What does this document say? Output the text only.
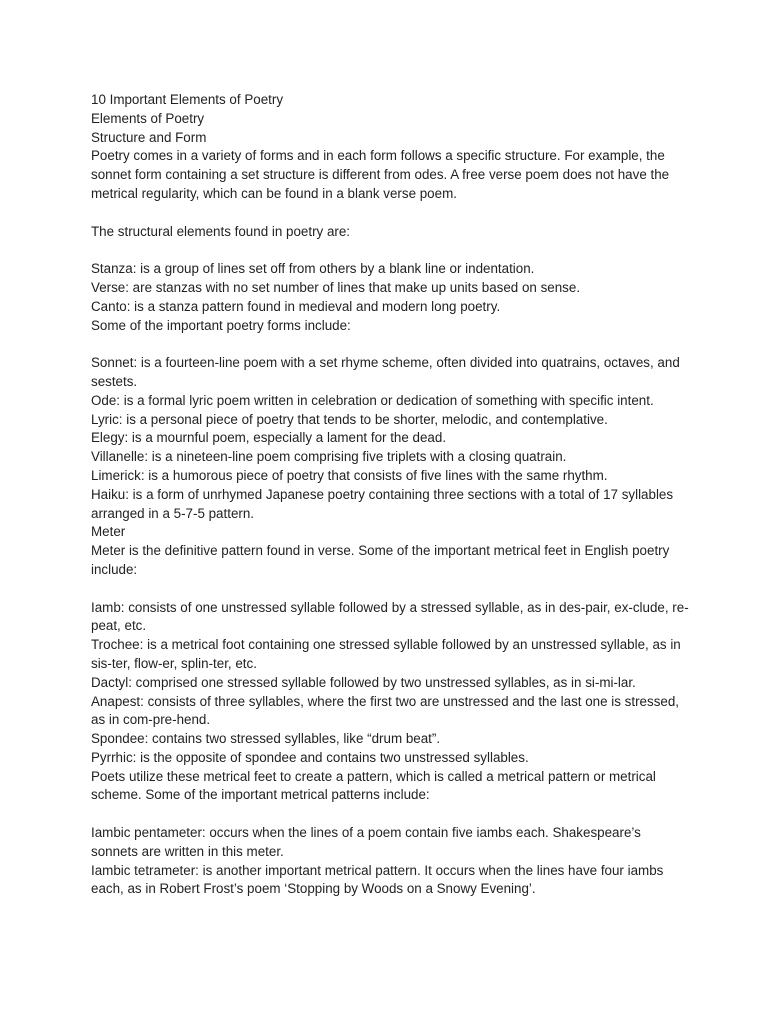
10 Important Elements of Poetry

Elements of Poetry

Structure and Form

Poetry comes in a variety of forms and in each form follows a specific structure. For example, the sonnet form containing a set structure is different from odes. A free verse poem does not have the metrical regularity, which can be found in a blank verse poem.

The structural elements found in poetry are:

Stanza: is a group of lines set off from others by a blank line or indentation.

Verse: are stanzas with no set number of lines that make up units based on sense.

Canto: is a stanza pattern found in medieval and modern long poetry.

Some of the important poetry forms include:

Sonnet: is a fourteen-line poem with a set rhyme scheme, often divided into quatrains, octaves, and sestets.

Ode: is a formal lyric poem written in celebration or dedication of something with specific intent.

Lyric: is a personal piece of poetry that tends to be shorter, melodic, and contemplative.

Elegy: is a mournful poem, especially a lament for the dead.

Villanelle: is a nineteen-line poem comprising five triplets with a closing quatrain.

Limerick: is a humorous piece of poetry that consists of five lines with the same rhythm.

Haiku: is a form of unrhymed Japanese poetry containing three sections with a total of 17 syllables arranged in a 5-7-5 pattern.

Meter

Meter is the definitive pattern found in verse. Some of the important metrical feet in English poetry include:

Iamb: consists of one unstressed syllable followed by a stressed syllable, as in des-pair, ex-clude, re-peat, etc.

Trochee: is a metrical foot containing one stressed syllable followed by an unstressed syllable, as in sis-ter, flow-er, splin-ter, etc.

Dactyl: comprised one stressed syllable followed by two unstressed syllables, as in si-mi-lar.

Anapest: consists of three syllables, where the first two are unstressed and the last one is stressed, as in com-pre-hend.

Spondee: contains two stressed syllables, like “drum beat”.

Pyrrhic: is the opposite of spondee and contains two unstressed syllables.

Poets utilize these metrical feet to create a pattern, which is called a metrical pattern or metrical scheme. Some of the important metrical patterns include:

Iambic pentameter: occurs when the lines of a poem contain five iambs each. Shakespeare’s sonnets are written in this meter.

Iambic tetrameter: is another important metrical pattern. It occurs when the lines have four iambs each, as in Robert Frost’s poem ‘Stopping by Woods on a Snowy Evening’.
